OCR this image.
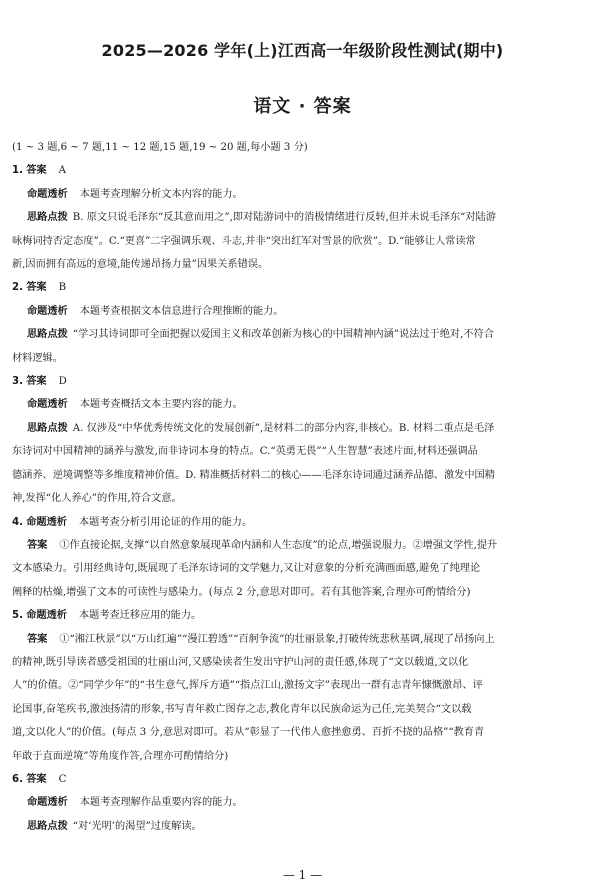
2025—2026 学年(上)江西高一年级阶段性测试(期中)
语文 · 答案
(1 ~ 3 题,6 ~ 7 题,11 ~ 12 题,15 题,19 ~ 20 题,每小题 3 分)
1. 答案 A
命题透析 本题考查理解分析文本内容的能力。
思路点拨 B. 原文只说毛泽东“反其意而用之”,即对陆游词中的消极情绪进行反转,但并未说毛泽东“对陆游
咏梅词持否定态度”。C.“更喜”二字强调乐观、斗志,并非“突出红军对雪景的欣赏”。D.“能够让人常读常
新,因而拥有高远的意境,能传递昂扬力量”因果关系错误。
2. 答案 B
命题透析 本题考查根据文本信息进行合理推断的能力。
思路点拨 “学习其诗词即可全面把握以爱国主义和改革创新为核心的中国精神内涵”说法过于绝对,不符合
材料逻辑。
3. 答案 D
命题透析 本题考查概括文本主要内容的能力。
思路点拨 A. 仅涉及“中华优秀传统文化的发展创新”,是材料二的部分内容,非核心。B. 材料二重点是毛泽
东诗词对中国精神的涵养与激发,而非诗词本身的特点。C.“英勇无畏”“人生智慧”表述片面,材料还强调品
德涵养、逆境调整等多维度精神价值。D. 精准概括材料二的核心——毛泽东诗词通过涵养品德、激发中国精
神,发挥“化人养心”的作用,符合文意。
4. 命题透析 本题考查分析引用论证的作用的能力。
答案 ①作直接论据,支撑“以自然意象展现革命内涵和人生态度”的论点,增强说服力。②增强文学性,提升
文本感染力。引用经典诗句,既展现了毛泽东诗词的文学魅力,又让对意象的分析充满画面感,避免了纯理论
阐释的枯燥,增强了文本的可读性与感染力。(每点 2 分,意思对即可。若有其他答案,合理亦可酌情给分)
5. 命题透析 本题考查迁移应用的能力。
答案 ①“湘江秋景”以“万山红遍”“漫江碧透”“百舸争流”的壮丽景象,打破传统悲秋基调,展现了昂扬向上
的精神,既引导读者感受祖国的壮丽山河,又感染读者生发出守护山河的责任感,体现了“文以载道,文以化
人”的价值。②“同学少年”的“书生意气,挥斥方遒”“指点江山,激扬文字”表现出一群有志青年慷慨激昂、评
论国事,奋笔疾书,激浊扬清的形象,书写青年救亡图存之志,教化青年以民族命运为己任,完美契合“文以载
道,文以化人”的价值。(每点 3 分,意思对即可。若从“彰显了一代伟人愈挫愈勇、百折不挠的品格”“教育青
年敢于直面逆境”等角度作答,合理亦可酌情给分)
6. 答案 C
命题透析 本题考查理解作品重要内容的能力。
思路点拨 “对‘光明’的渴望”过度解读。
— 1 —
